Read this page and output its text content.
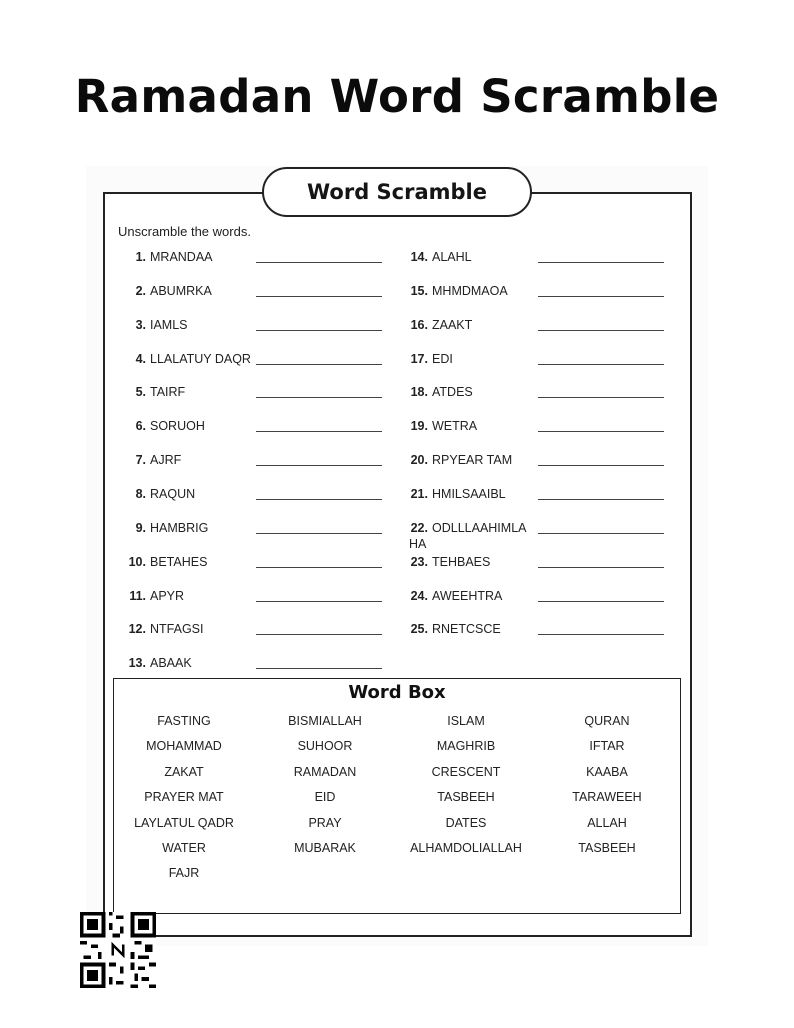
Ramadan Word Scramble
Word Scramble
Unscramble the words.
1. MRANDAA
2. ABUMRKA
3. IAMLS
4. LLALATUY DAQR
5. TAIRF
6. SORUOH
7. AJRF
8. RAQUN
9. HAMBRIG
10. BETAHES
11. APYR
12. NTFAGSI
13. ABAAK
14. ALAHL
15. MHMDMAOA
16. ZAAKT
17. EDI
18. ATDES
19. WETRA
20. RPYEAR TAM
21. HMILSAAIBL
22. ODLLLAAHIMLA
HA
23. TEHBAES
24. AWEEHTRA
25. RNETCSCE
Word Box
FASTING	BISMIALLAH	ISLAM	QURAN
MOHAMMAD	SUHOOR	MAGHRIB	IFTAR
ZAKAT	RAMADAN	CRESCENT	KAABA
PRAYER MAT	EID	TASBEEH	TARAWEEH
LAYLATUL QADR	PRAY	DATES	ALLAH
WATER	MUBARAK	ALHAMDOLIALLAH	TASBEEH
FAJR
